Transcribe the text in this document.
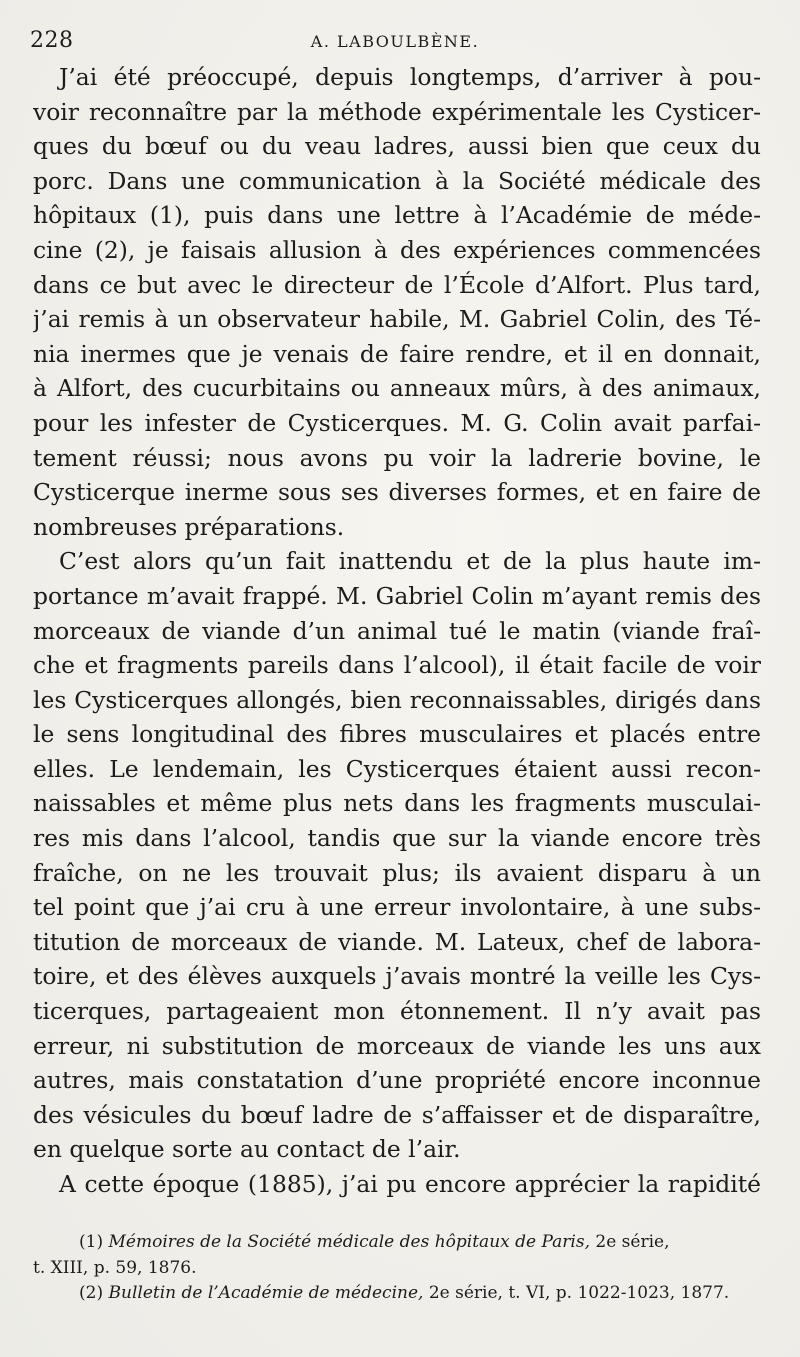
228	A. LABOULBÈNE.
J’ai été préoccupé, depuis longtemps, d’arriver à pou-
voir reconnaître par la méthode expérimentale les Cysticer-
ques du bœuf ou du veau ladres, aussi bien que ceux du
porc. Dans une communication à la Société médicale des
hôpitaux (1), puis dans une lettre à l’Académie de méde-
cine (2), je faisais allusion à des expériences commencées
dans ce but avec le directeur de l’École d’Alfort. Plus tard,
j’ai remis à un observateur habile, M. Gabriel Colin, des Té-
nia inermes que je venais de faire rendre, et il en donnait,
à Alfort, des cucurbitains ou anneaux mûrs, à des animaux,
pour les infester de Cysticerques. M. G. Colin avait parfai-
tement réussi; nous avons pu voir la ladrerie bovine, le
Cysticerque inerme sous ses diverses formes, et en faire de
nombreuses préparations.
C’est alors qu’un fait inattendu et de la plus haute im-
portance m’avait frappé. M. Gabriel Colin m’ayant remis des
morceaux de viande d’un animal tué le matin (viande fraî-
che et fragments pareils dans l’alcool), il était facile de voir
les Cysticerques allongés, bien reconnaissables, dirigés dans
le sens longitudinal des fibres musculaires et placés entre
elles. Le lendemain, les Cysticerques étaient aussi recon-
naissables et même plus nets dans les fragments musculai-
res mis dans l’alcool, tandis que sur la viande encore très
fraîche, on ne les trouvait plus; ils avaient disparu à un
tel point que j’ai cru à une erreur involontaire, à une subs-
titution de morceaux de viande. M. Lateux, chef de labora-
toire, et des élèves auxquels j’avais montré la veille les Cys-
ticerques, partageaient mon étonnement. Il n’y avait pas
erreur, ni substitution de morceaux de viande les uns aux
autres, mais constatation d’une propriété encore inconnue
des vésicules du bœuf ladre de s’affaisser et de disparaître,
en quelque sorte au contact de l’air.
A cette époque (1885), j’ai pu encore apprécier la rapidité
(1) Mémoires de la Société médicale des hôpitaux de Paris, 2e série,
t. XIII, p. 59, 1876.
(2) Bulletin de l’Académie de médecine, 2e série, t. VI, p. 1022-1023, 1877.
